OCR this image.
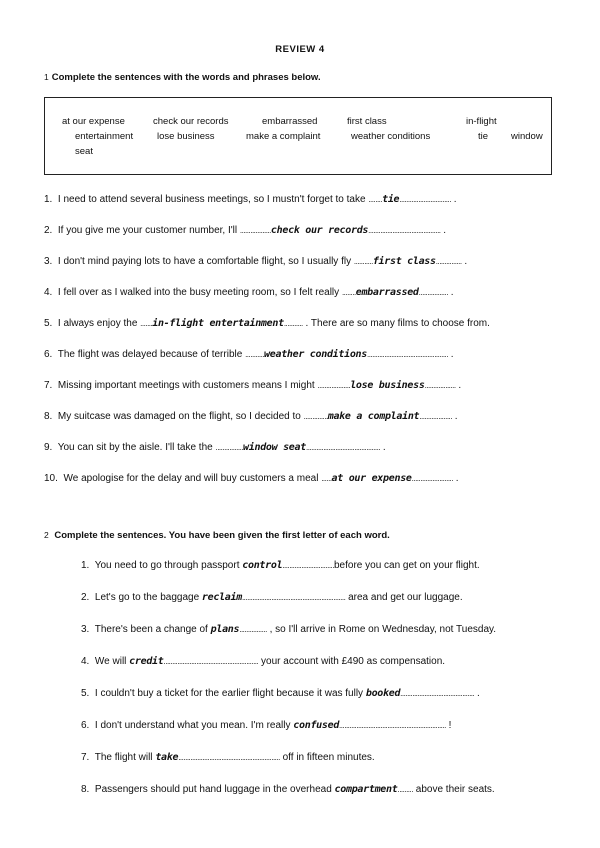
REVIEW 4
1 Complete the sentences with the words and phrases below.
at our expense	check our records	embarrassed	first class	in-flight
entertainment	lose business	make a complaint	weather conditions	tie window
seat
1. I need to attend several business meetings, so I mustn't forget to take ........tie.............................. .
2. If you give me your customer number, I'll ..................check our records.......................................... .
3. I don't mind paying lots to have a comfortable flight, so I usually fly ...........first class............... .
4. I fell over as I walked into the busy meeting room, so I felt really ........embarrassed................. .
5. I always enjoy the .......in-flight entertainment........... . There are so many films to choose from.
6. The flight was delayed because of terrible ...........weather conditions............................................... .
7. Missing important meetings with customers means I might ...................lose business.................. .
8. My suitcase was damaged on the flight, so I decided to ..............make a complaint................... .
9. You can sit by the aisle. I'll take the ................window seat........................................... .
10. We apologise for the delay and will buy customers a meal ......at our expense........................ .
2 Complete the sentences. You have been given the first letter of each word.
1. You need to go through passport control..............................before you can get on your flight.
2. Let's go to the baggage reclaim............................................................ area and get our luggage.
3. There's been a change of plans................ , so I'll arrive in Rome on Wednesday, not Tuesday.
4. We will credit....................................................... your account with £490 as compensation.
5. I couldn't buy a ticket for the earlier flight because it was fully booked........................................... .
6. I don't understand what you mean. I'm really confused.............................................................. !
7. The flight will take........................................................... off in fifteen minutes.
8. Passengers should put hand luggage in the overhead compartment......... above their seats.
